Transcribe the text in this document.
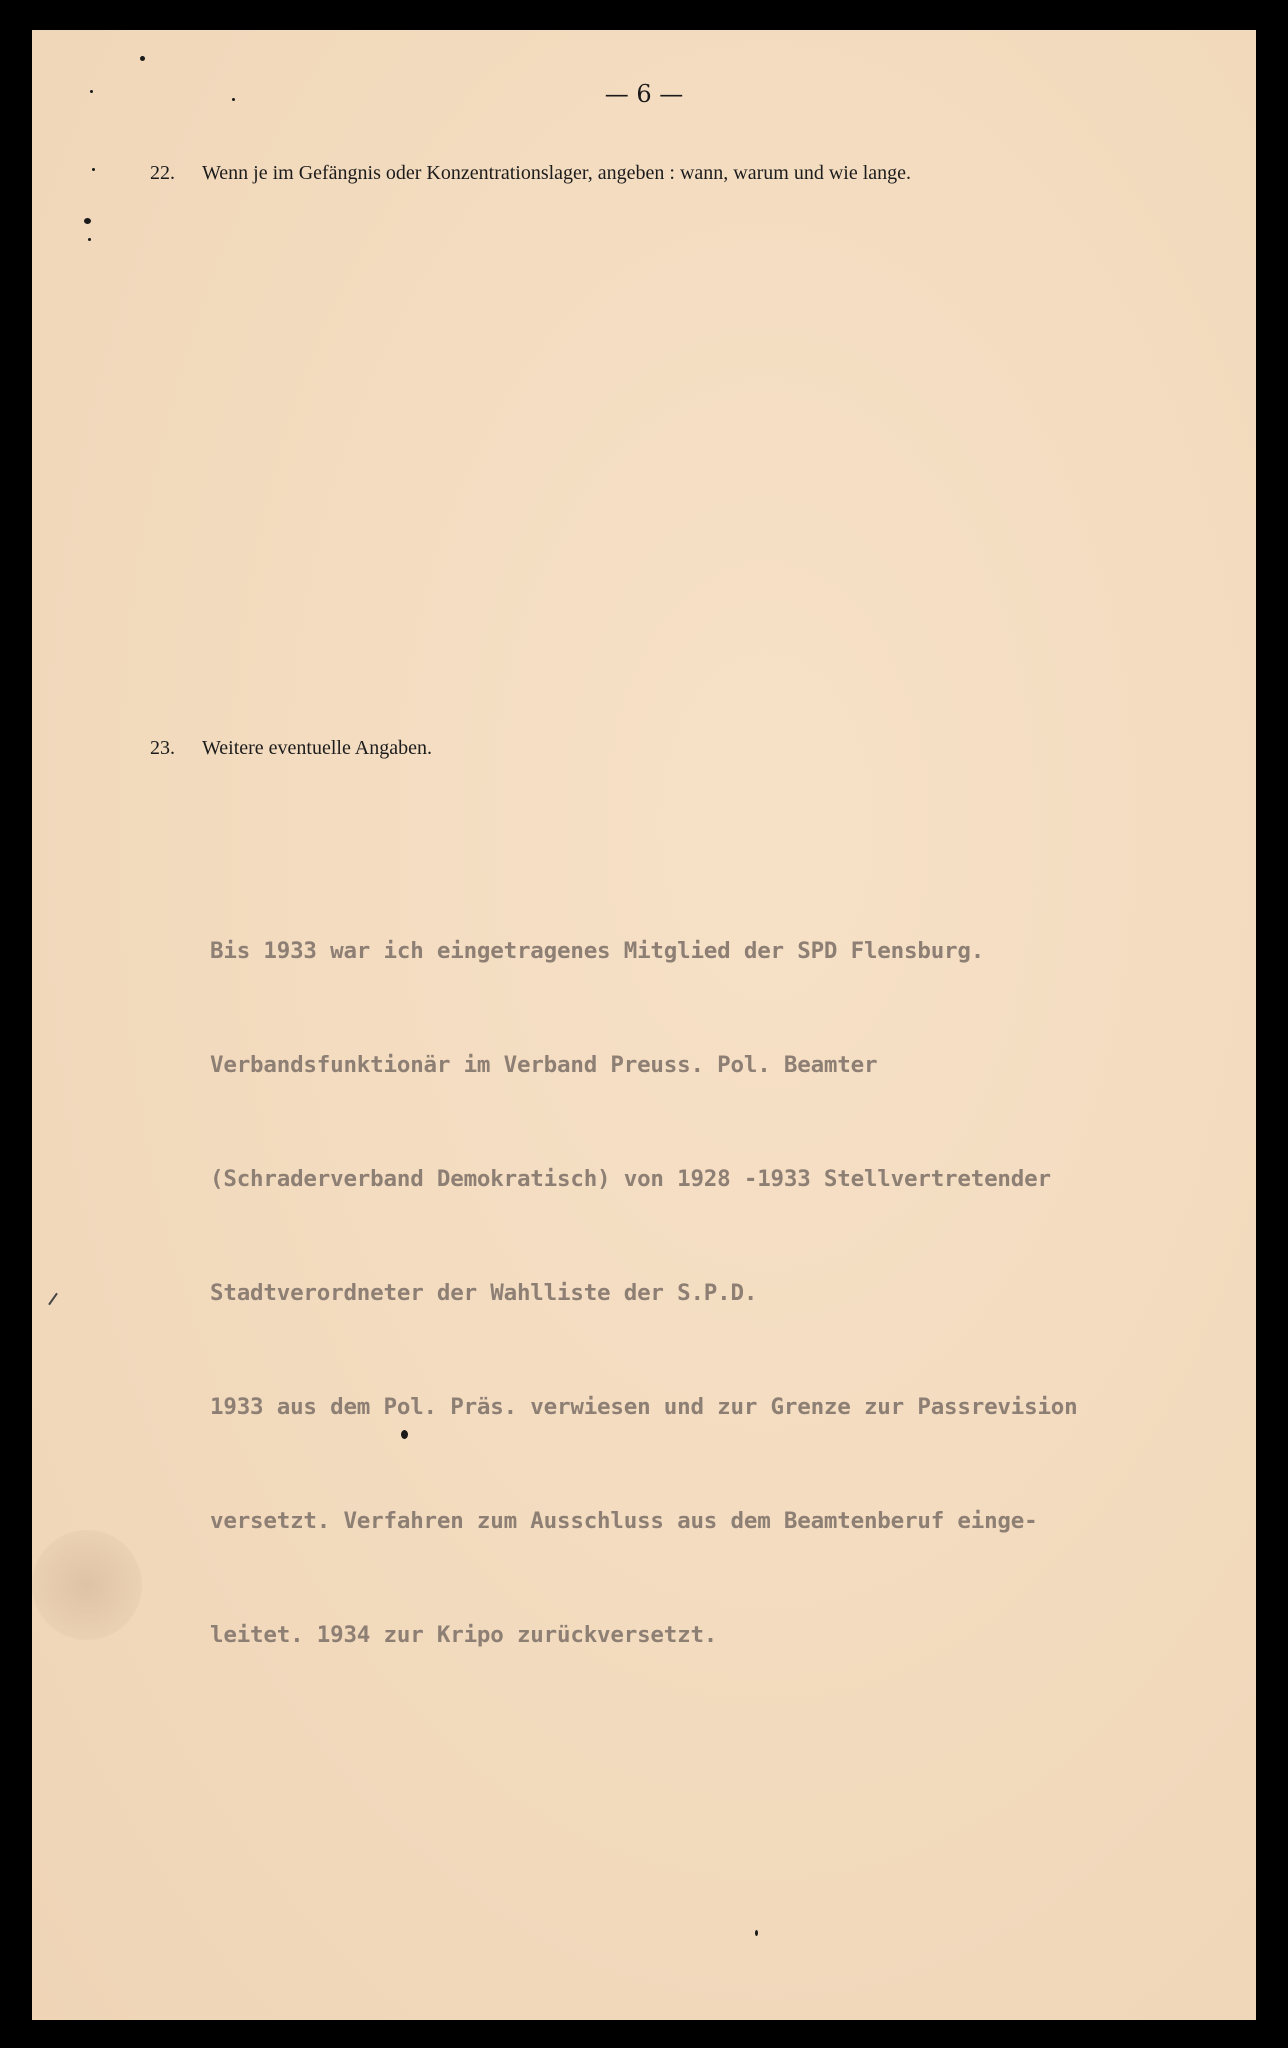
— 6 —
22. Wenn je im Gefängnis oder Konzentrationslager, angeben : wann, warum und wie lange.
23. Weitere eventuelle Angaben.

Bis 1933 war ich eingetragenes Mitglied der SPD Flensburg.

Verbandsfunktionär im Verband Preuss. Pol. Beamter

(Schraderverband Demokratisch) von 1928 -1933 Stellvertretender

Stadtverordneter der Wahlliste der S.P.D.

1933 aus dem Pol. Präs. verwiesen und zur Grenze zur Passrevision

versetzt. Verfahren zum Ausschluss aus dem Beamtenberuf einge-

leitet. 1934 zur Kripo zurückversetzt.
